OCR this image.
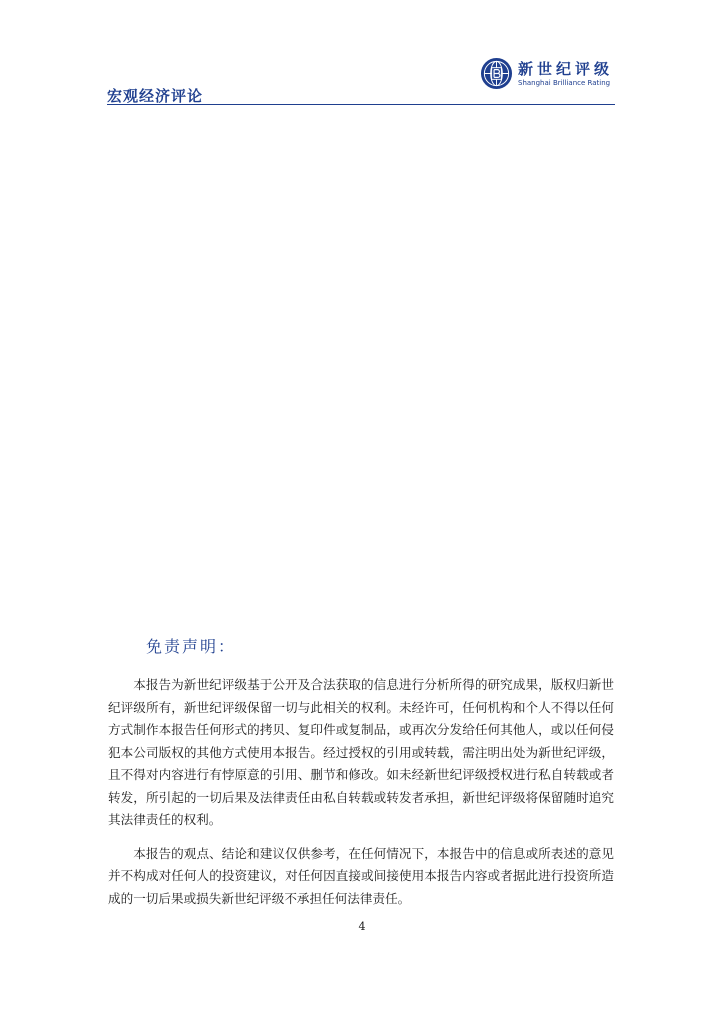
新世纪评级
Shanghai Brilliance Rating
宏观经济评论
免责声明：

本报告为新世纪评级基于公开及合法获取的信息进行分析所得的研究成果，版权归新世纪评级所有，新世纪评级保留一切与此相关的权利。未经许可，任何机构和个人不得以任何方式制作本报告任何形式的拷贝、复印件或复制品，或再次分发给任何其他人，或以任何侵犯本公司版权的其他方式使用本报告。经过授权的引用或转载，需注明出处为新世纪评级，且不得对内容进行有悖原意的引用、删节和修改。如未经新世纪评级授权进行私自转载或者转发，所引起的一切后果及法律责任由私自转载或转发者承担，新世纪评级将保留随时追究其法律责任的权利。

本报告的观点、结论和建议仅供参考，在任何情况下，本报告中的信息或所表述的意见并不构成对任何人的投资建议，对任何因直接或间接使用本报告内容或者据此进行投资所造成的一切后果或损失新世纪评级不承担任何法律责任。

4
